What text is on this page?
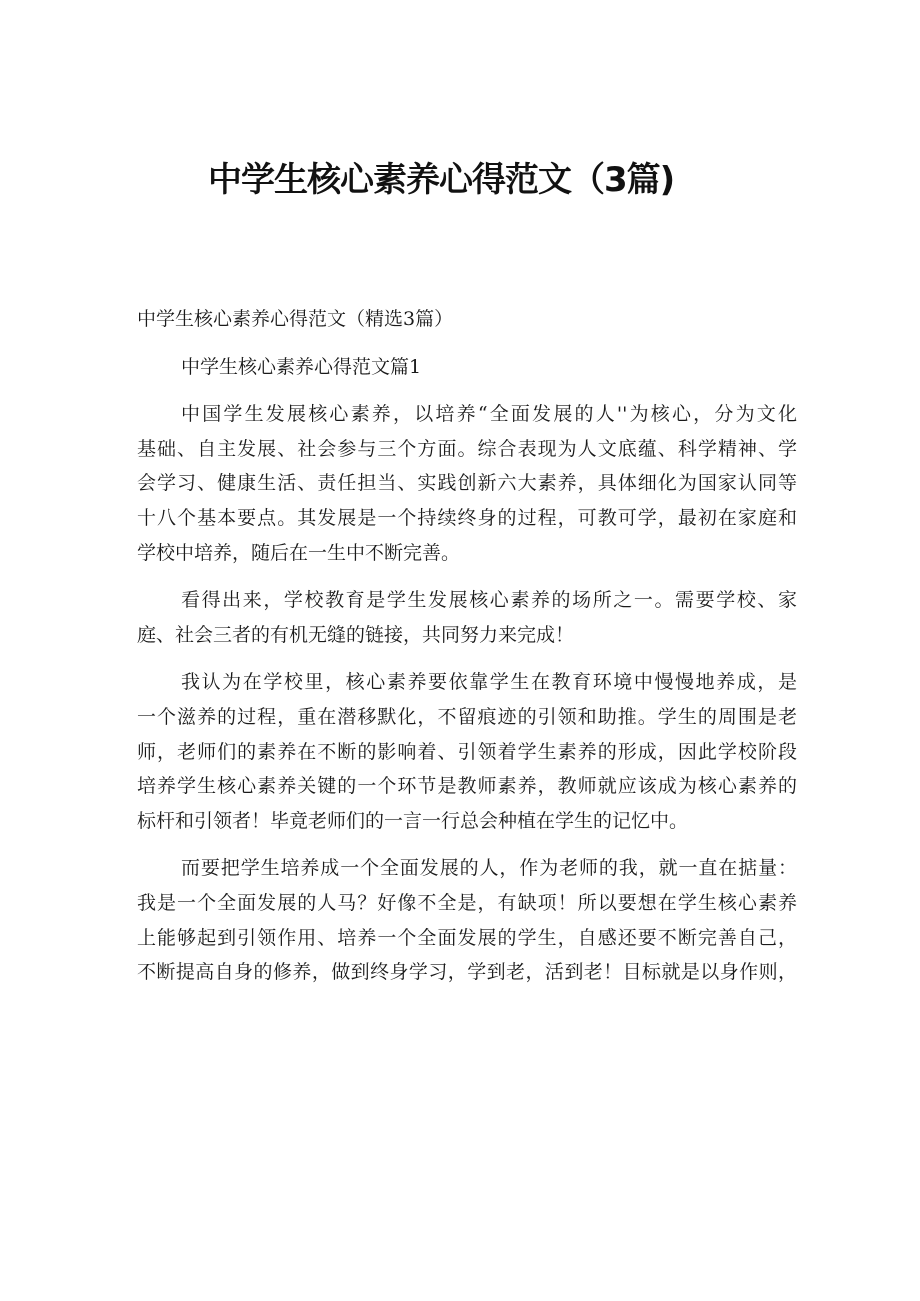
中学生核心素养心得范文（3篇)
中学生核心素养心得范文（精选3篇）
中学生核心素养心得范文篇1
中国学生发展核心素养，以培养“全面发展的人''为核心，分为文化
基础、自主发展、社会参与三个方面。综合表现为人文底蕴、科学精神、学
会学习、健康生活、责任担当、实践创新六大素养，具体细化为国家认同等
十八个基本要点。其发展是一个持续终身的过程，可教可学，最初在家庭和
学校中培养，随后在一生中不断完善。
看得出来，学校教育是学生发展核心素养的场所之一。需要学校、家
庭、社会三者的有机无缝的链接，共同努力来完成！
我认为在学校里，核心素养要依靠学生在教育环境中慢慢地养成，是
一个滋养的过程，重在潜移默化，不留痕迹的引领和助推。学生的周围是老
师，老师们的素养在不断的影响着、引领着学生素养的形成，因此学校阶段
培养学生核心素养关键的一个环节是教师素养，教师就应该成为核心素养的
标杆和引领者！毕竟老师们的一言一行总会种植在学生的记忆中。
而要把学生培养成一个全面发展的人，作为老师的我，就一直在掂量：
我是一个全面发展的人马？好像不全是，有缺项！所以要想在学生核心素养
上能够起到引领作用、培养一个全面发展的学生，自感还要不断完善自己，
不断提高自身的修养，做到终身学习，学到老，活到老！目标就是以身作则，
